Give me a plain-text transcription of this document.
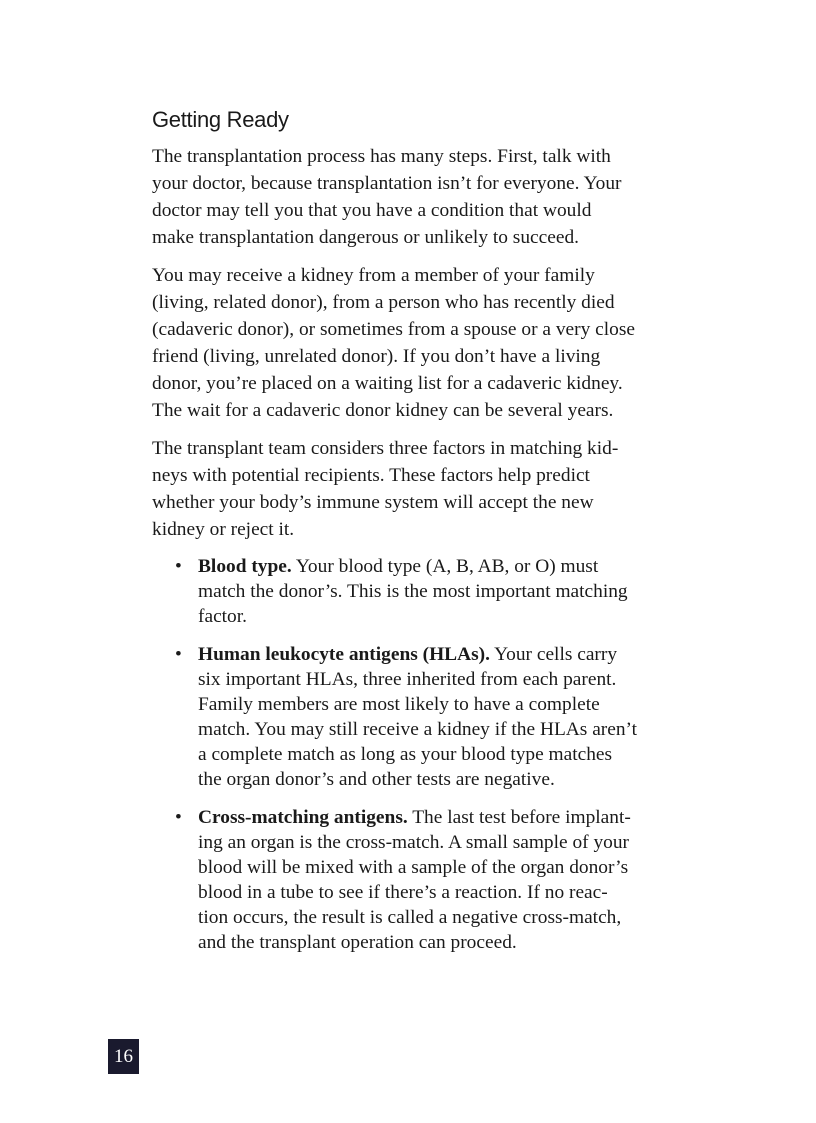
Getting Ready

The transplantation process has many steps. First, talk with
your doctor, because transplantation isn’t for everyone. Your
doctor may tell you that you have a condition that would
make transplantation dangerous or unlikely to succeed.

You may receive a kidney from a member of your family
(living, related donor), from a person who has recently died
(cadaveric donor), or sometimes from a spouse or a very close
friend (living, unrelated donor). If you don’t have a living
donor, you’re placed on a waiting list for a cadaveric kidney.
The wait for a cadaveric donor kidney can be several years.

The transplant team considers three factors in matching kid-
neys with potential recipients. These factors help predict
whether your body’s immune system will accept the new
kidney or reject it.

• Blood type. Your blood type (A, B, AB, or O) must
match the donor’s. This is the most important matching
factor.
• Human leukocyte antigens (HLAs). Your cells carry
six important HLAs, three inherited from each parent.
Family members are most likely to have a complete
match. You may still receive a kidney if the HLAs aren’t
a complete match as long as your blood type matches
the organ donor’s and other tests are negative.
• Cross-matching antigens. The last test before implant-
ing an organ is the cross-match. A small sample of your
blood will be mixed with a sample of the organ donor’s
blood in a tube to see if there’s a reaction. If no reac-
tion occurs, the result is called a negative cross-match,
and the transplant operation can proceed.
16
